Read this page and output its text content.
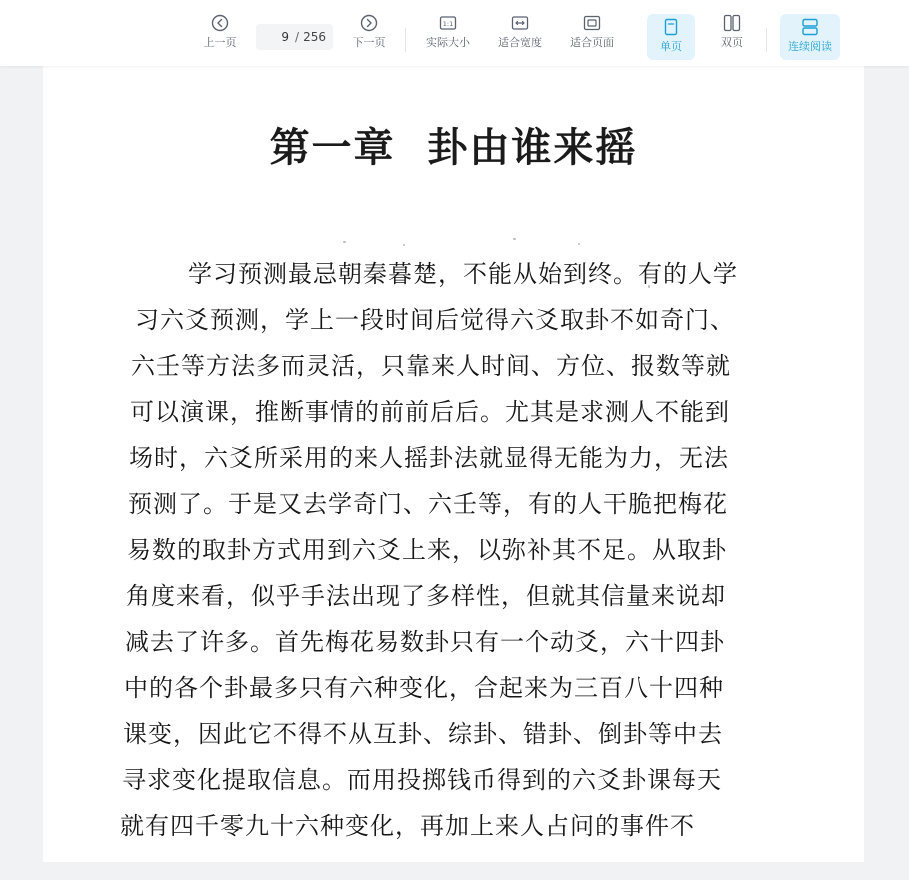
上一页
9	/ 256 下一页
1:1
实际大小	适合宽度	适合页面	单页	双页	连续阅读
第一章  卦由谁来摇
学习预测最忌朝秦暮楚，不能从始到终。有的人学
习六爻预测，学上一段时间后觉得六爻取卦不如奇门、
六壬等方法多而灵活，只靠来人时间、方位、报数等就
可以演课，推断事情的前前后后。尤其是求测人不能到
场时，六爻所采用的来人摇卦法就显得无能为力，无法
预测了。于是又去学奇门、六壬等，有的人干脆把梅花
易数的取卦方式用到六爻上来，以弥补其不足。从取卦
角度来看，似乎手法出现了多样性，但就其信量来说却
减去了许多。首先梅花易数卦只有一个动爻，六十四卦
中的各个卦最多只有六种变化，合起来为三百八十四种
课变，因此它不得不从互卦、综卦、错卦、倒卦等中去
寻求变化提取信息。而用投掷钱币得到的六爻卦课每天
就有四千零九十六种变化，再加上来人占问的事件不
